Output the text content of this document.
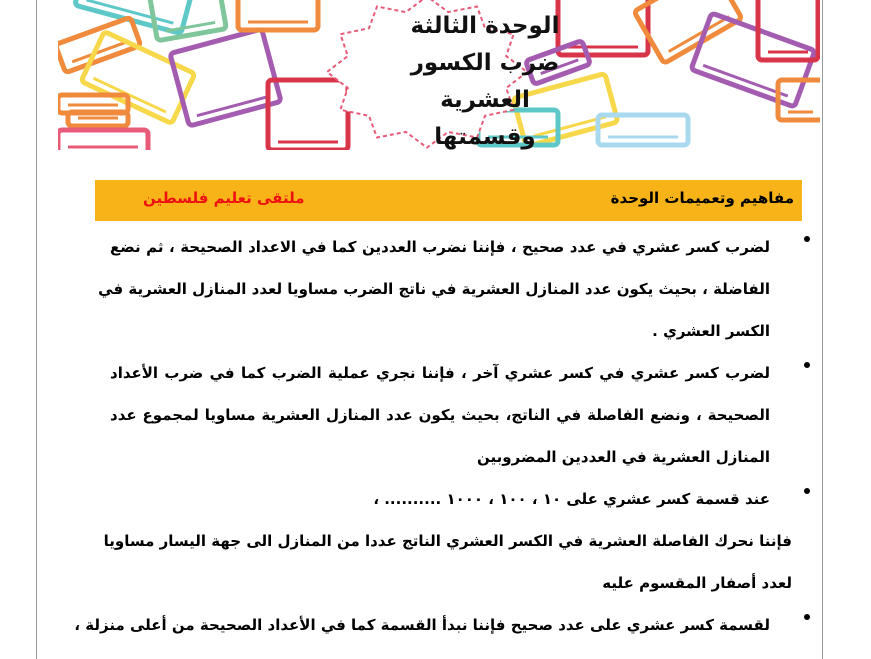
الوحدة الثالثة
ضرب الكسور
العشرية وقسمتها
مفاهيم وتعميمات الوحدة
ملتقى تعليم فلسطين
لضرب كسر عشري في عدد صحيح ، فإننا نضرب العددين كما في الاعداد الصحيحة ، ثم نضع
الفاضلة ، بحيث يكون عدد المنازل العشرية في ناتج الضرب مساويا لعدد المنازل العشرية في
الكسر العشري .
لضرب كسر عشري في كسر عشري آخر ، فإننا نجري عملية الضرب كما في ضرب الأعداد
الصحيحة ، ونضع الفاصلة في الناتج، بحيث يكون عدد المنازل العشرية مساويا لمجموع عدد
المنازل العشرية في العددين المضروبين
عند قسمة كسر عشري على ١٠ ، ١٠٠ ، ١٠٠٠ .......... ،
فإننا نحرك الفاصلة العشرية في الكسر العشري الناتج عددا من المنازل الى جهة اليسار مساويا
لعدد أصفار المقسوم عليه
لقسمة كسر عشري على عدد صحيح فإننا نبدأ القسمة كما في الأعداد الصحيحة من أعلى منزلة ،
